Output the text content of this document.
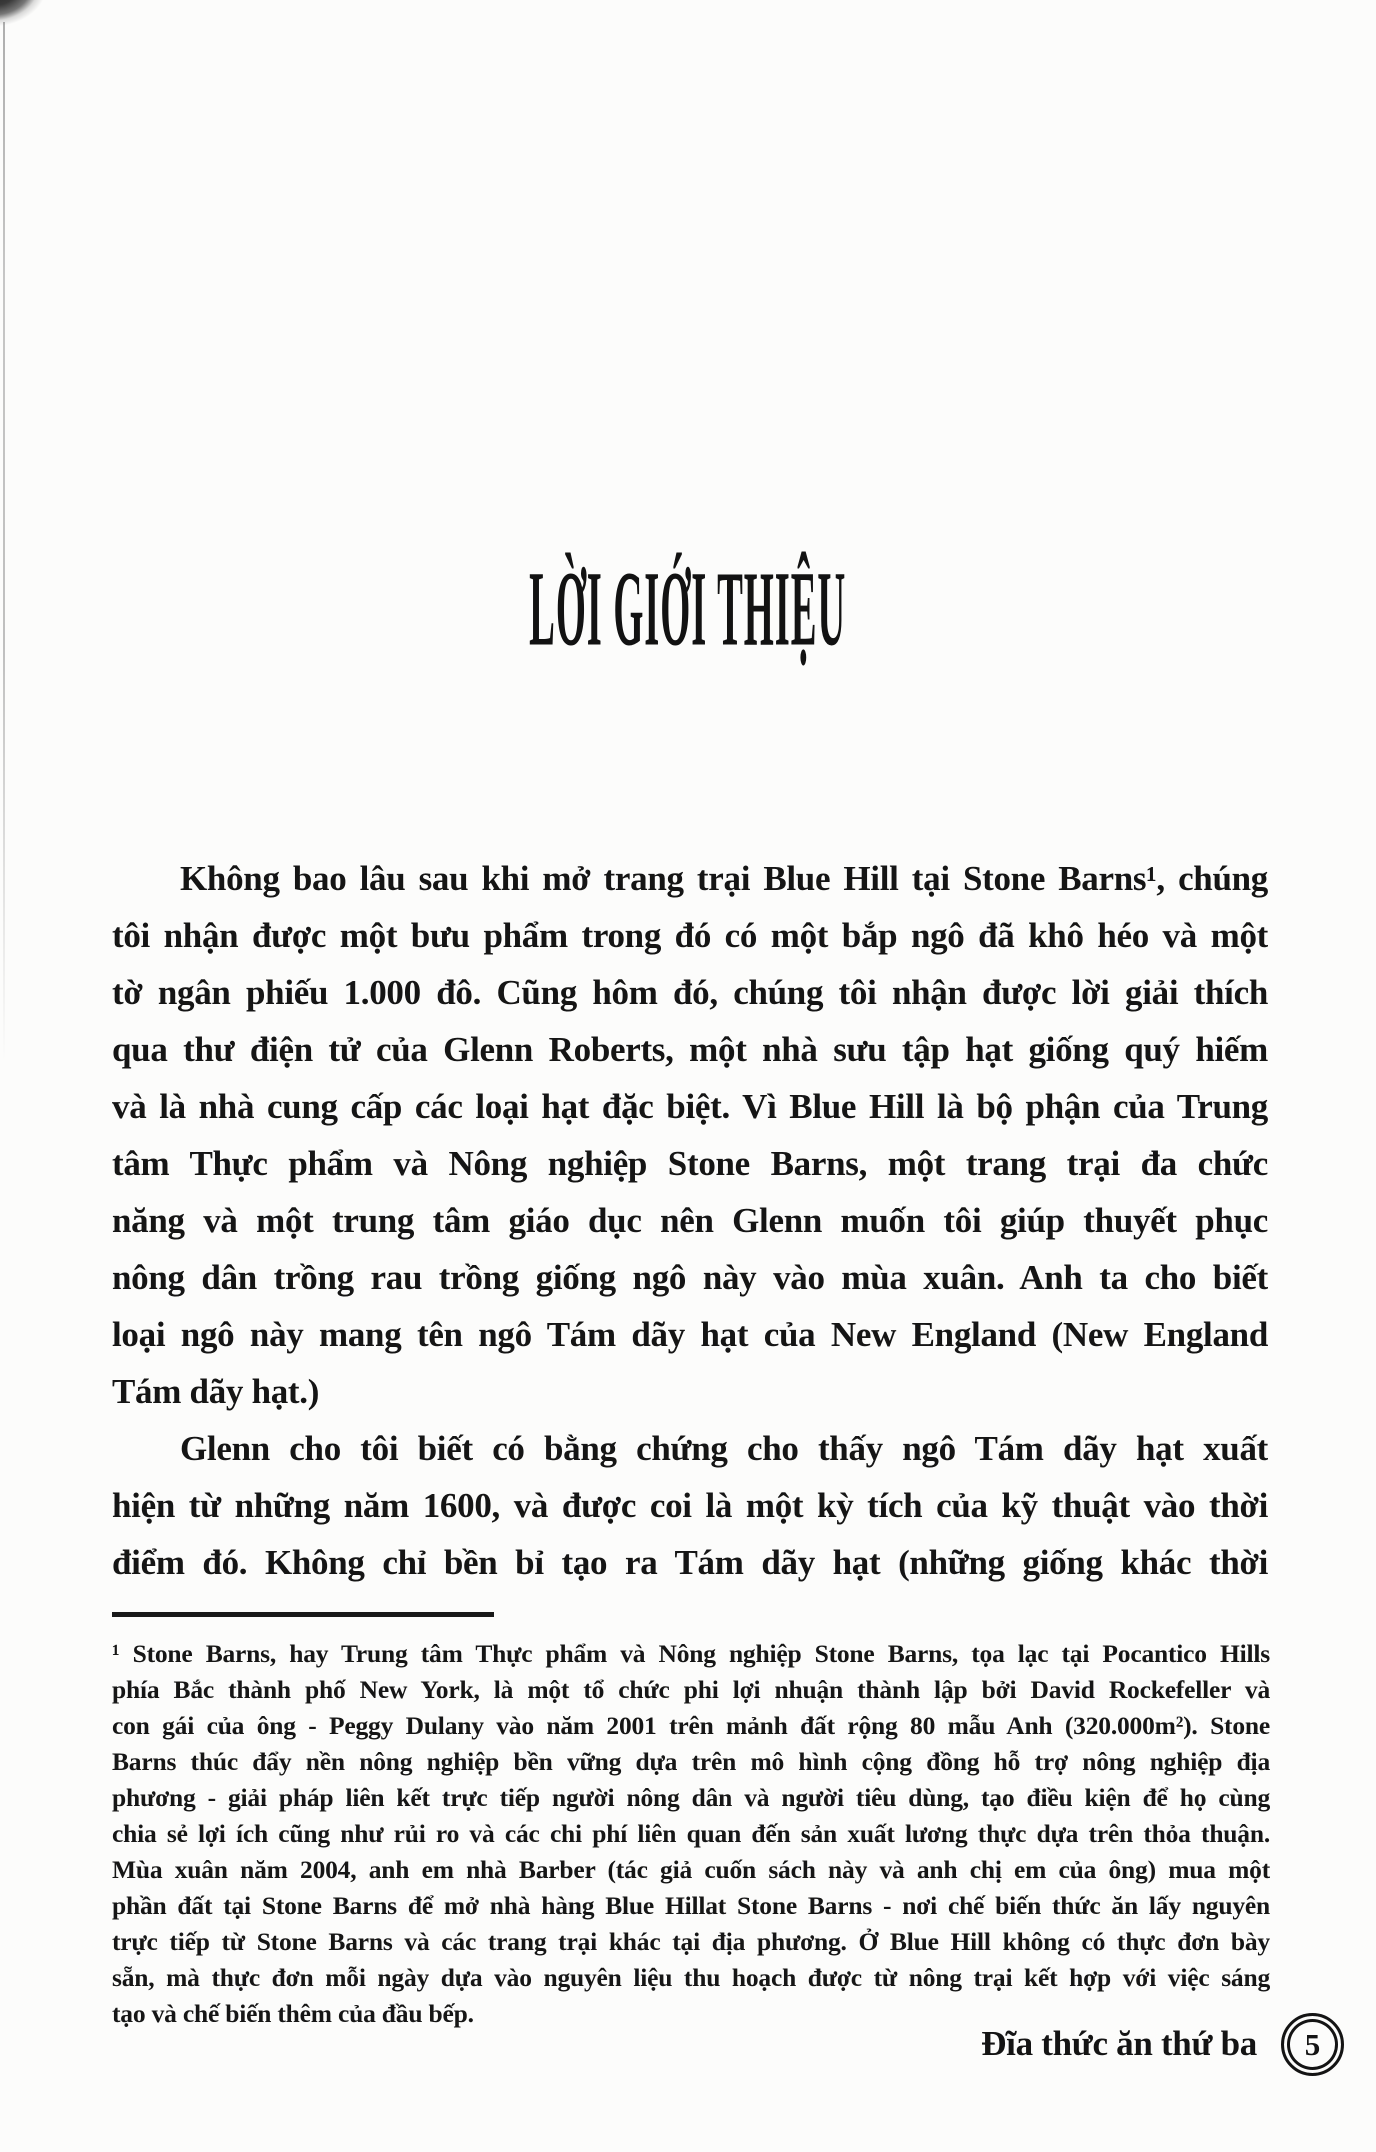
LỜI GIỚI THIỆU
Không bao lâu sau khi mở trang trại Blue Hill tại Stone Barns¹, chúng
tôi nhận được một bưu phẩm trong đó có một bắp ngô đã khô héo và một
tờ ngân phiếu 1.000 đô. Cũng hôm đó, chúng tôi nhận được lời giải thích
qua thư điện tử của Glenn Roberts, một nhà sưu tập hạt giống quý hiếm
và là nhà cung cấp các loại hạt đặc biệt. Vì Blue Hill là bộ phận của Trung
tâm Thực phẩm và Nông nghiệp Stone Barns, một trang trại đa chức
năng và một trung tâm giáo dục nên Glenn muốn tôi giúp thuyết phục
nông dân trồng rau trồng giống ngô này vào mùa xuân. Anh ta cho biết
loại ngô này mang tên ngô Tám dãy hạt của New England (New England
Tám dãy hạt.)
Glenn cho tôi biết có bằng chứng cho thấy ngô Tám dãy hạt xuất
hiện từ những năm 1600, và được coi là một kỳ tích của kỹ thuật vào thời
điểm đó. Không chỉ bền bỉ tạo ra Tám dãy hạt (những giống khác thời
¹ Stone Barns, hay Trung tâm Thực phẩm và Nông nghiệp Stone Barns, tọa lạc tại Pocantico Hills
phía Bắc thành phố New York, là một tổ chức phi lợi nhuận thành lập bởi David Rockefeller và
con gái của ông - Peggy Dulany vào năm 2001 trên mảnh đất rộng 80 mẫu Anh (320.000m²). Stone
Barns thúc đẩy nền nông nghiệp bền vững dựa trên mô hình cộng đồng hỗ trợ nông nghiệp địa
phương - giải pháp liên kết trực tiếp người nông dân và người tiêu dùng, tạo điều kiện để họ cùng
chia sẻ lợi ích cũng như rủi ro và các chi phí liên quan đến sản xuất lương thực dựa trên thỏa thuận.
Mùa xuân năm 2004, anh em nhà Barber (tác giả cuốn sách này và anh chị em của ông) mua một
phần đất tại Stone Barns để mở nhà hàng Blue Hillat Stone Barns - nơi chế biến thức ăn lấy nguyên
trực tiếp từ Stone Barns và các trang trại khác tại địa phương. Ở Blue Hill không có thực đơn bày
sẵn, mà thực đơn mỗi ngày dựa vào nguyên liệu thu hoạch được từ nông trại kết hợp với việc sáng
tạo và chế biến thêm của đầu bếp.
Đĩa thức ăn thứ ba 5
